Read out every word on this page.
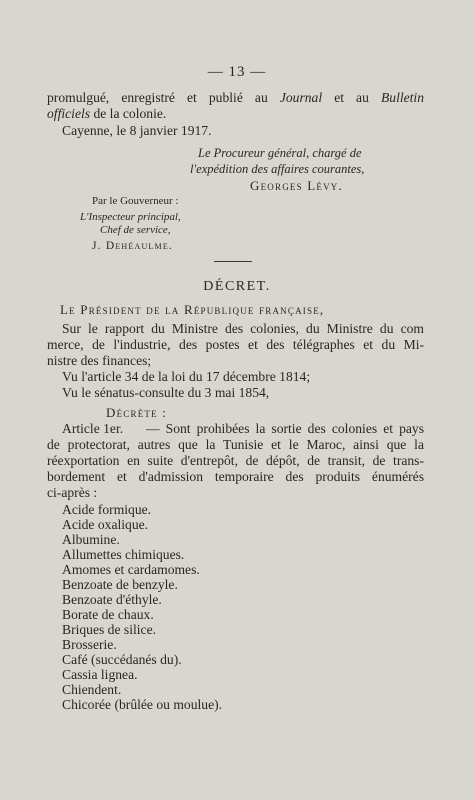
— 13 —
promulgué, enregistré et publié au Journal et au Bulletin
officiels de la colonie.
Cayenne, le 8 janvier 1917.
Le Procureur général, chargé de
l'expédition des affaires courantes,
Georges Lévy.
Par le Gouverneur :
L'Inspecteur principal,
Chef de service,
J. Dehéaulme.
DÉCRET.
Le Président de la République française,
Sur le rapport du Ministre des colonies, du Ministre du com
merce, de l'industrie, des postes et des télégraphes et du Mi-
nistre des finances;
Vu l'article 34 de la loi du 17 décembre 1814;
Vu le sénatus-consulte du 3 mai 1854,
Décrète :
Article 1er. — Sont prohibées la sortie des colonies et pays
de protectorat, autres que la Tunisie et le Maroc, ainsi que la
réexportation en suite d'entrepôt, de dépôt, de transit, de trans-
bordement et d'admission temporaire des produits énumérés
ci-après :
Acide formique.
Acide oxalique.
Albumine.
Allumettes chimiques.
Amomes et cardamomes.
Benzoate de benzyle.
Benzoate d'éthyle.
Borate de chaux.
Briques de silice.
Brosserie.
Café (succédanés du).
Cassia lignea.
Chiendent.
Chicorée (brûlée ou moulue).
